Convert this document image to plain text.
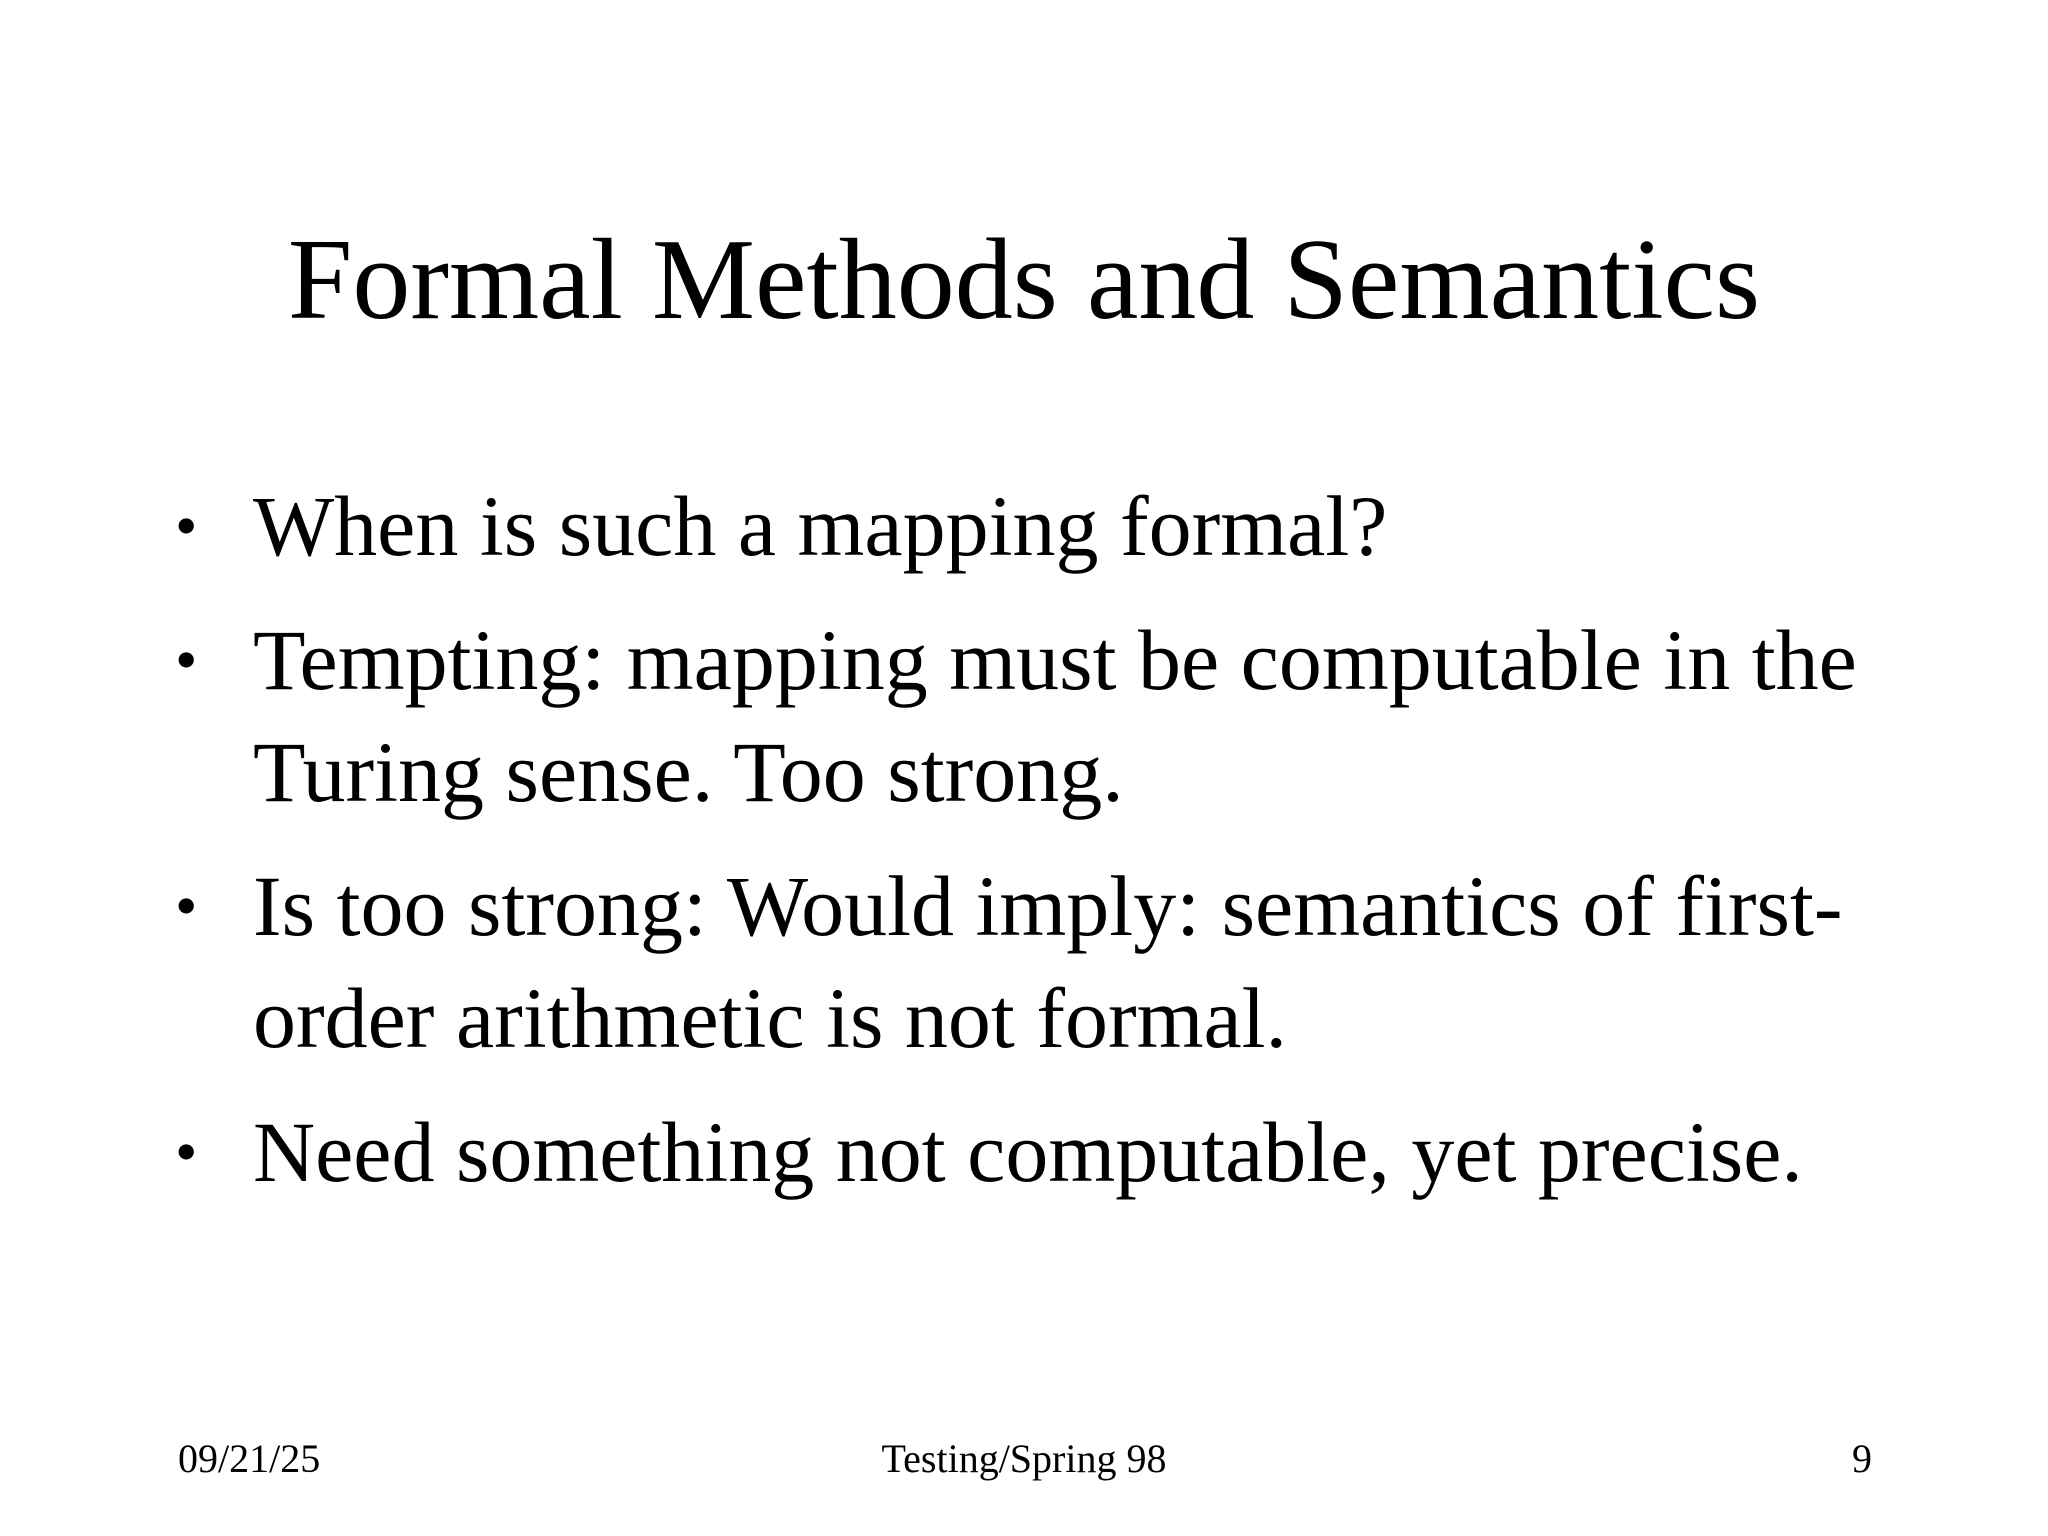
Formal Methods and Semantics
• When is such a mapping formal?
• Tempting: mapping must be computable in the Turing sense. Too strong.
• Is too strong: Would imply: semantics of first-order arithmetic is not formal.
• Need something not computable, yet precise.
Testing/Spring 98
09/21/25	9
